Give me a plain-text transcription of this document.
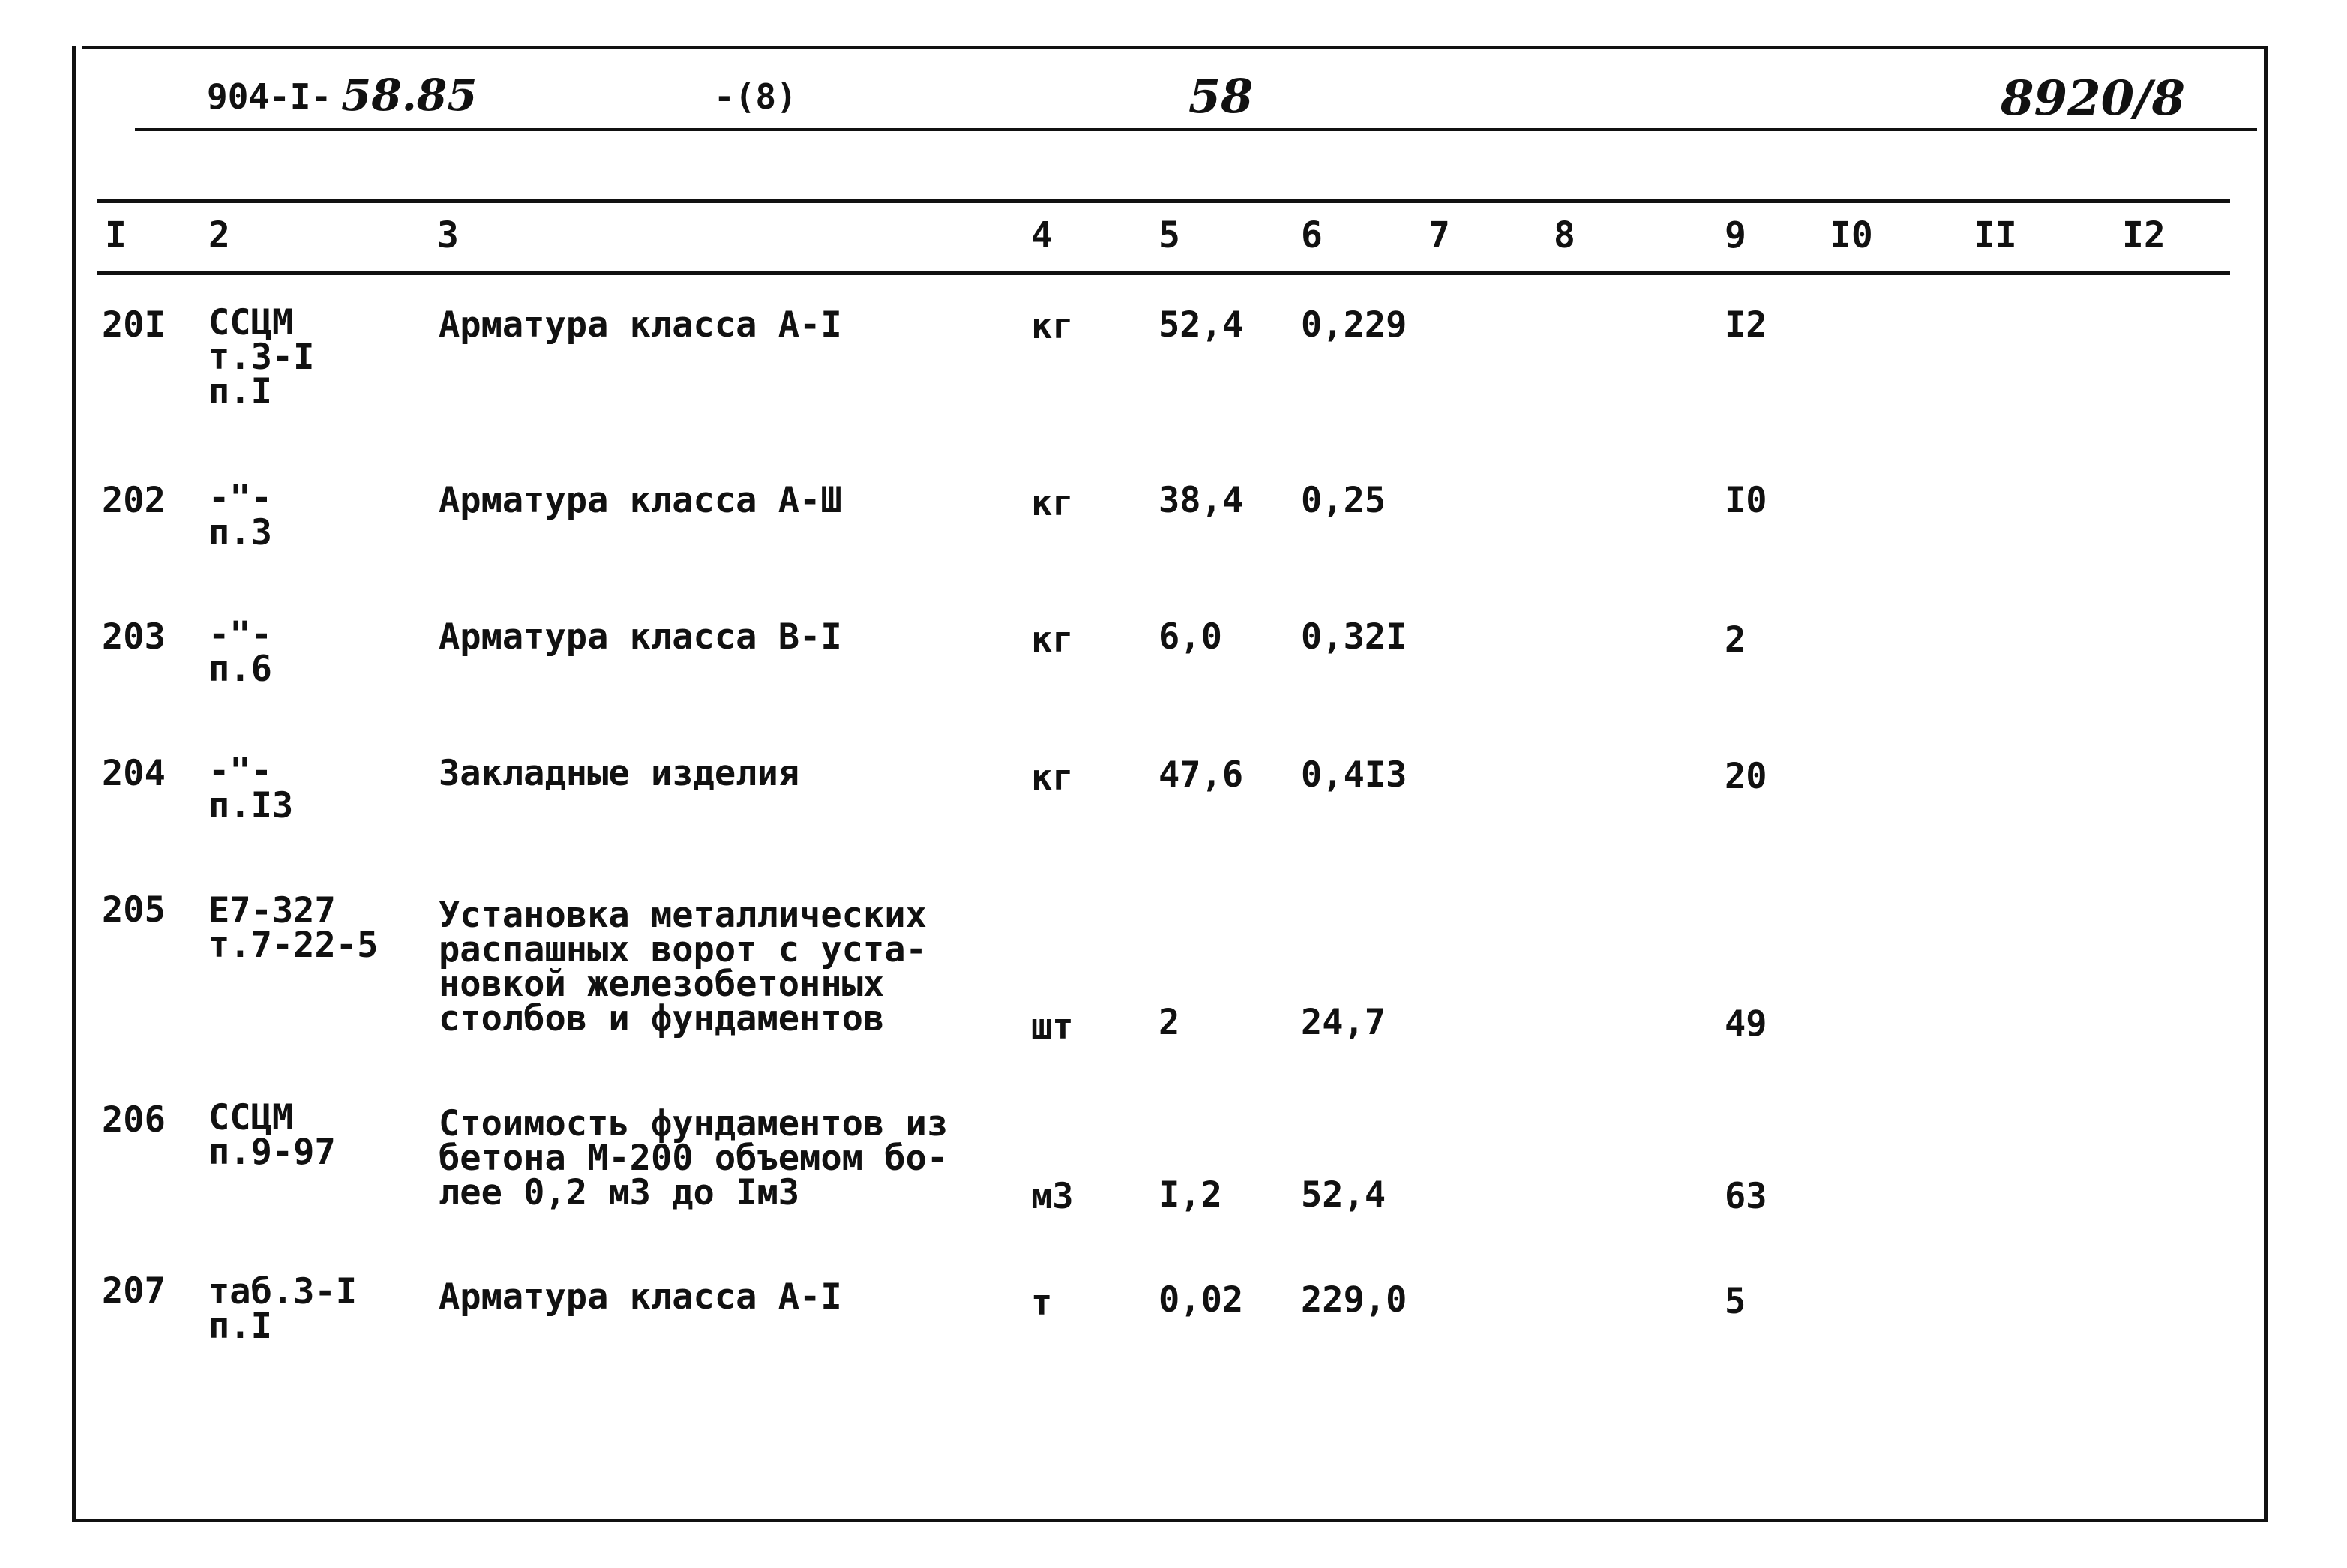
904-I- 58.85	-(8)	58	8920/8
I 2	3	4	5	6	7	8	9 I0	II	I2
20I ССЦМ
т.3-I
п.I
Арматура класса А-I	кг 52,4 0,229	I2
202 -"-
п.3
Арматура класса А-Ш	кг 38,4 0,25	I0
203 -"-
п.6
Арматура класса В-I	кг 6,0 0,32I	2
204 -"-
п.I3
Закладные изделия	кг 47,6 0,4I3	20
205 Е7-327
т.7-22-5
Установка металлических
распашных ворот с уста-
новкой железобетонных
столбов и фундаментов	шт 2	24,7	49
206 ССЦМ
п.9-97
Стоимость фундаментов из
бетона М-200 объемом бо-
лее 0,2 м3 до Iм3	м3 I,2 52,4	63
207 таб.3-I
п.I
Арматура класса А-I	т	0,02 229,0	5
